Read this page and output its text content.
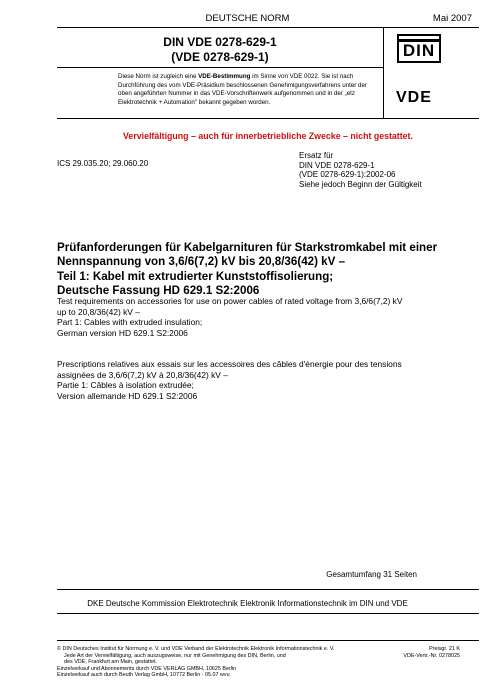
DEUTSCHE NORM	Mai 2007
DIN VDE 0278-629-1
(VDE 0278-629-1)	DIN
Diese Norm ist zugleich eine VDE-Bestimmung im Sinne von VDE 0022. Sie ist nach Durchführung des vom VDE-Präsidium beschlossenen Genehmigungsverfahrens unter der oben angeführten Nummer in das VDE-Vorschriftenwerk aufgenommen und in der „etz Elektrotechnik + Automation" bekannt gegeben worden.	VDE
Vervielfältigung – auch für innerbetriebliche Zwecke – nicht gestattet.
ICS 29.035.20; 29.060.20
Ersatz für
DIN VDE 0278-629-1
(VDE 0278-629-1):2002-06
Siehe jedoch Beginn der Gültigkeit
Prüfanforderungen für Kabelgarnituren für Starkstromkabel mit einer
Nennspannung von 3,6/6(7,2) kV bis 20,8/36(42) kV –
Teil 1: Kabel mit extrudierter Kunststoffisolierung;
Deutsche Fassung HD 629.1 S2:2006
Test requirements on accessories for use on power cables of rated voltage from 3,6/6(7,2) kV
up to 20,8/36(42) kV –
Part 1: Cables with extruded insulation;
German version HD 629.1 S2:2006
Prescriptions relatives aux essais sur les accessoires des câbles d'énergie pour des tensions
assignées de 3,6/6(7,2) kV à 20,8/36(42) kV –
Partie 1: Câbles à isolation extrudée;
Version allemande HD 629.1 S2:2006
Gesamtumfang 31 Seiten
DKE Deutsche Kommission Elektrotechnik Elektronik Informationstechnik im DIN und VDE
© DIN Deutsches Institut für Normung e. V. und VDE Verband der Elektrotechnik Elektronik Informationstechnik e. V.
Jede Art der Vervielfältigung, auch auszugsweise, nur mit Genehmigung des DIN, Berlin, und
des VDE, Frankfurt am Main, gestattet.
Einzelverkauf und Abonnements durch VDE VERLAG GMBH, 10625 Berlin
Einzelverkauf auch durch Beuth Verlag GmbH, 10772 Berlin · 05.07 wvu
Preisgr. 21 K
VDE-Vertr.-Nr. 0278025
